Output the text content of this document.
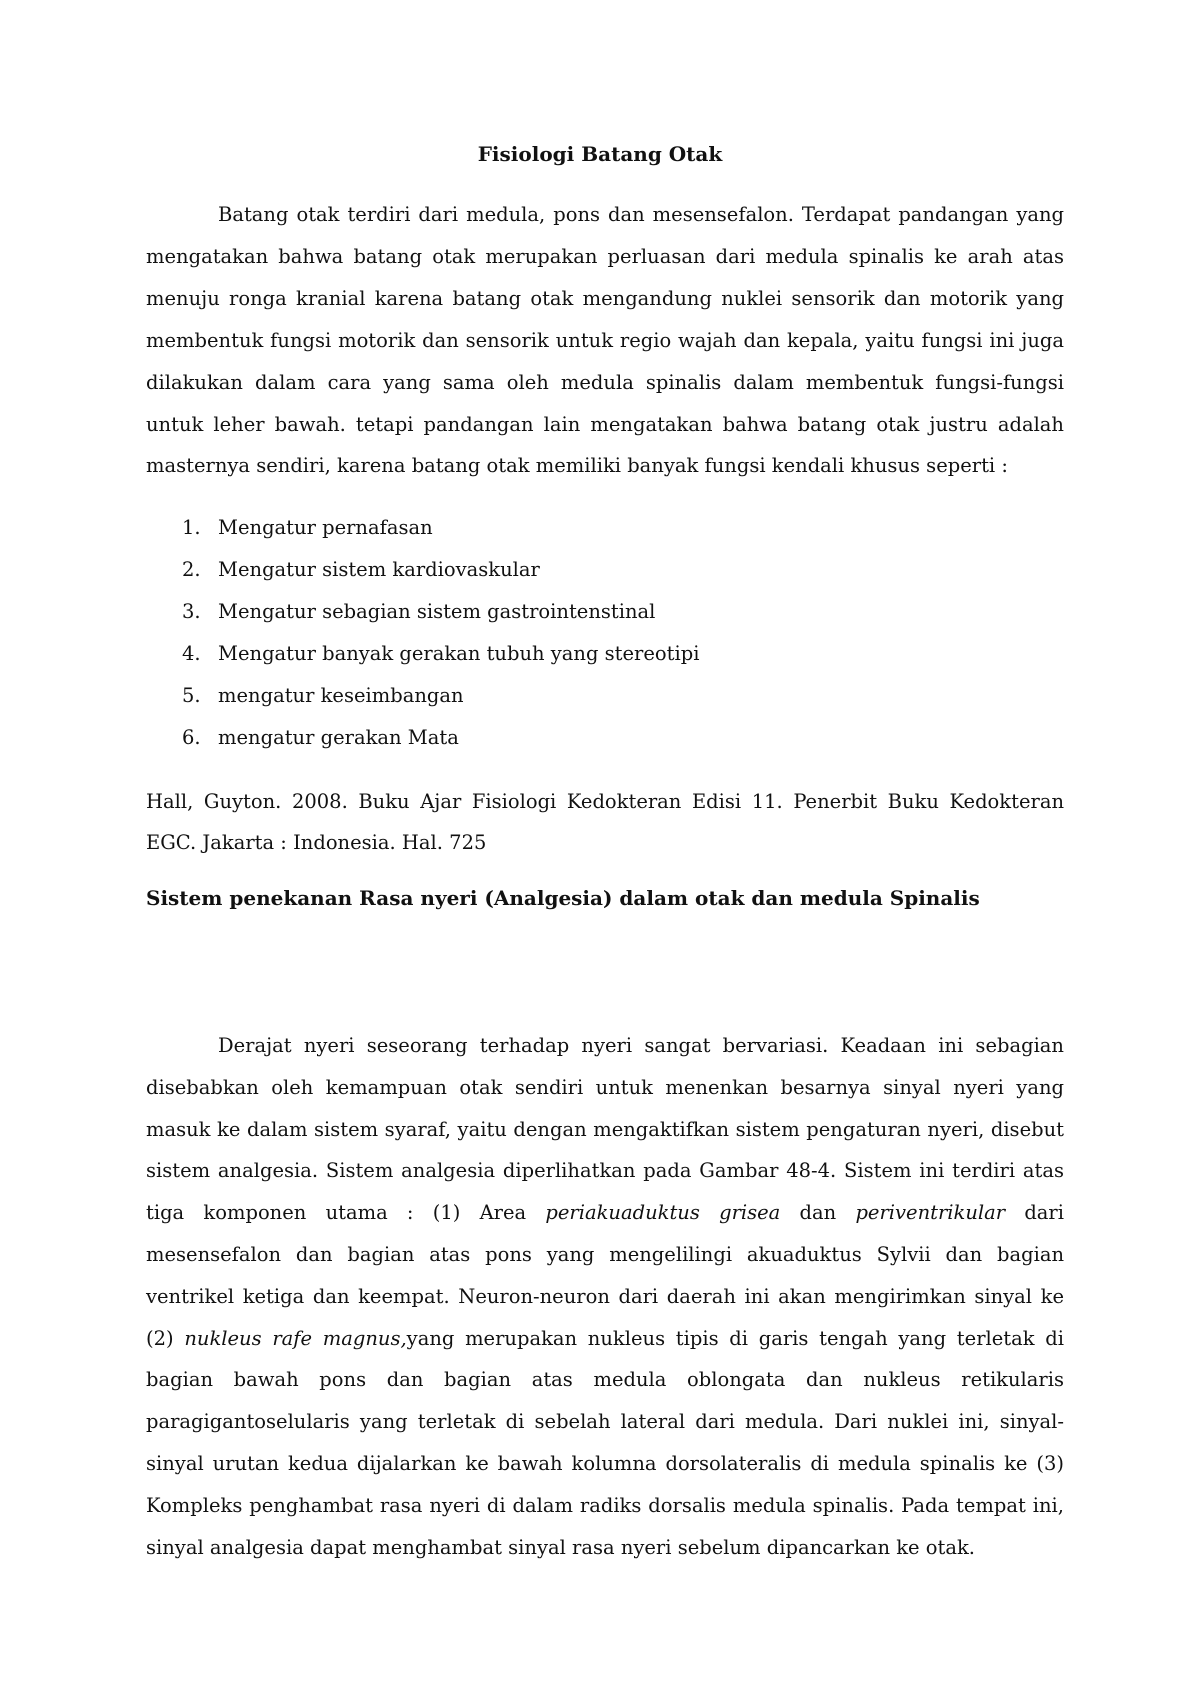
Fisiologi Batang Otak

Batang otak terdiri dari medula, pons dan mesensefalon. Terdapat pandangan yang mengatakan bahwa batang otak merupakan perluasan dari medula spinalis ke arah atas menuju ronga kranial karena batang otak mengandung nuklei sensorik dan motorik yang membentuk fungsi motorik dan sensorik untuk regio wajah dan kepala, yaitu fungsi ini juga dilakukan dalam cara yang sama oleh medula spinalis dalam membentuk fungsi-fungsi untuk leher bawah. tetapi pandangan lain mengatakan bahwa batang otak justru adalah masternya sendiri, karena batang otak memiliki banyak fungsi kendali khusus seperti :

1. Mengatur pernafasan
2. Mengatur sistem kardiovaskular
3. Mengatur sebagian sistem gastrointenstinal
4. Mengatur banyak gerakan tubuh yang stereotipi
5. mengatur keseimbangan
6. mengatur gerakan Mata

Hall, Guyton. 2008. Buku Ajar Fisiologi Kedokteran Edisi 11. Penerbit Buku Kedokteran EGC. Jakarta : Indonesia. Hal. 725

Sistem penekanan Rasa nyeri (Analgesia) dalam otak dan medula Spinalis

Derajat nyeri seseorang terhadap nyeri sangat bervariasi. Keadaan ini sebagian disebabkan oleh kemampuan otak sendiri untuk menenkan besarnya sinyal nyeri yang masuk ke dalam sistem syaraf, yaitu dengan mengaktifkan sistem pengaturan nyeri, disebut sistem analgesia. Sistem analgesia diperlihatkan pada Gambar 48-4. Sistem ini terdiri atas tiga komponen utama : (1) Area periakuaduktus grisea dan periventrikular dari mesensefalon dan bagian atas pons yang mengelilingi akuaduktus Sylvii dan bagian ventrikel ketiga dan keempat. Neuron-neuron dari daerah ini akan mengirimkan sinyal ke (2) nukleus rafe magnus,yang merupakan nukleus tipis di garis tengah yang terletak di bagian bawah pons dan bagian atas medula oblongata dan nukleus retikularis paragigantoselularis yang terletak di sebelah lateral dari medula. Dari nuklei ini, sinyal- sinyal urutan kedua dijalarkan ke bawah kolumna dorsolateralis di medula spinalis ke (3) Kompleks penghambat rasa nyeri di dalam radiks dorsalis medula spinalis. Pada tempat ini, sinyal analgesia dapat menghambat sinyal rasa nyeri sebelum dipancarkan ke otak.
